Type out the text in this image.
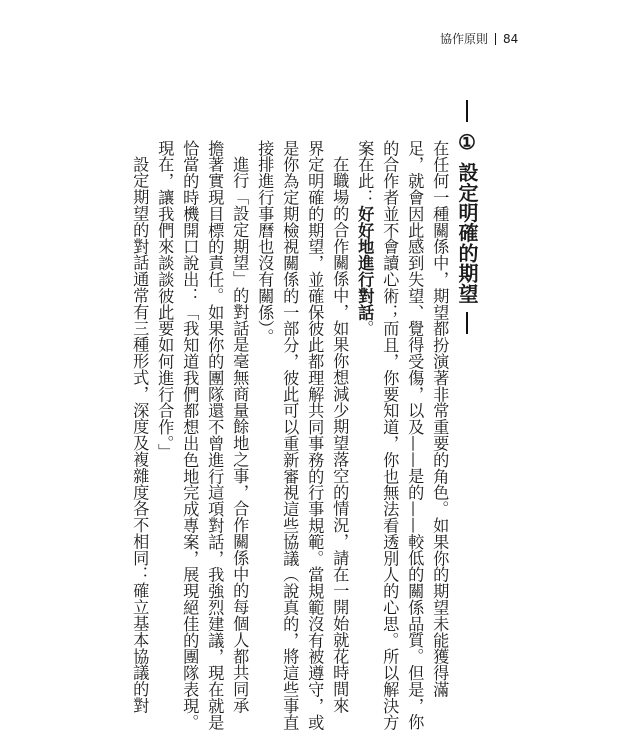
協作原則 84
①
設定明確的期望
在任何一種關係中，期望都扮演著非常重要的角色。如果你的期望未能獲得滿
足，就會因此感到失望、覺得受傷，以及——是的——較低的關係品質。但是，你
的合作者並不會讀心術；而且，你要知道，你也無法看透別人的心思。所以解決方
案在此：好好地進行對話。
在職場的合作關係中，如果你想減少期望落空的情況，請在一開始就花時間來
界定明確的期望，並確保彼此都理解共同事務的行事規範。當規範沒有被遵守，或
是你為定期檢視關係的一部分，彼此可以重新審視這些協議（說真的，將這些事直
接排進行事曆也沒有關係）。
進行「設定期望」的對話是毫無商量餘地之事，合作關係中的每個人都共同承
擔著實現目標的責任。如果你的團隊還不曾進行這項對話，我強烈建議，現在就是
恰當的時機開口說出：「我知道我們都想出色地完成專案，展現絕佳的團隊表現。
現在，讓我們來談談彼此要如何進行合作。」
設定期望的對話通常有三種形式，深度及複雜度各不相同：確立基本協議的對
